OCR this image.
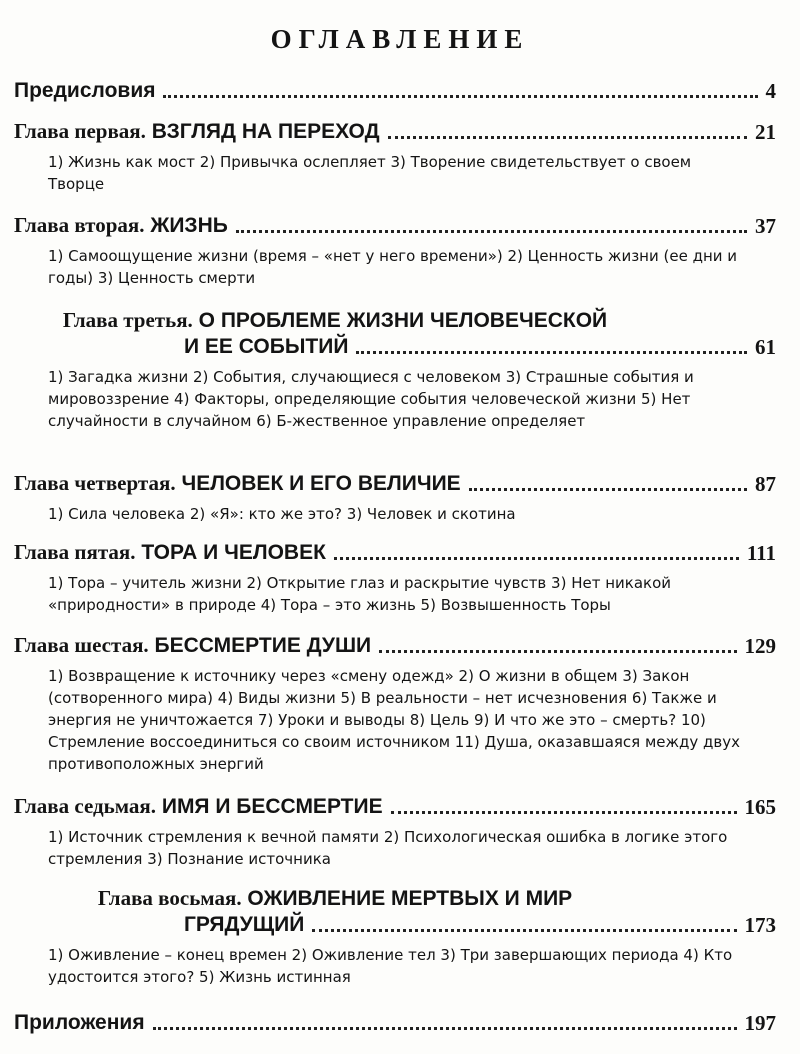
ОГЛАВЛЕНИЕ
Предисловия	4
Глава первая. ВЗГЛЯД НА ПЕРЕХОД	21
1) Жизнь как мост 2) Привычка ослепляет 3) Творение свидетельствует о своем Творце
Глава вторая. ЖИЗНЬ	37
1) Самоощущение жизни (время – «нет у него времени») 2) Ценность жизни (ее дни и годы) 3) Ценность смерти
Глава третья. О ПРОБЛЕМЕ ЖИЗНИ ЧЕЛОВЕЧЕСКОЙ
И ЕЕ СОБЫТИЙ	61
1) Загадка жизни 2) События, случающиеся с человеком 3) Страшные события и мировоззрение 4) Факторы, определяющие события человеческой жизни 5) Нет случайности в случайном 6) Б-жественное управление определяет
Глава четвертая. ЧЕЛОВЕК И ЕГО ВЕЛИЧИЕ	87
1) Сила человека 2) «Я»: кто же это? 3) Человек и скотина
Глава пятая. ТОРА И ЧЕЛОВЕК	111
1) Тора – учитель жизни 2) Открытие глаз и раскрытие чувств 3) Нет никакой «природности» в природе 4) Тора – это жизнь 5) Возвышенность Торы
Глава шестая. БЕССМЕРТИЕ ДУШИ	129
1) Возвращение к источнику через «смену одежд» 2) О жизни в общем 3) Закон (сотворенного мира) 4) Виды жизни 5) В реальности – нет исчезновения 6) Также и энергия не уничтожается 7) Уроки и выводы 8) Цель 9) И что же это – смерть? 10) Стремление воссоединиться со своим источником 11) Душа, оказавшаяся между двух противоположных энергий
Глава седьмая. ИМЯ И БЕССМЕРТИЕ	165
1) Источник стремления к вечной памяти 2) Психологическая ошибка в логике этого стремления 3) Познание источника
Глава восьмая. ОЖИВЛЕНИЕ МЕРТВЫХ И МИР
ГРЯДУЩИЙ	173
1) Оживление – конец времен 2) Оживление тел 3) Три завершающих периода 4) Кто удостоится этого? 5) Жизнь истинная
Приложения	197
